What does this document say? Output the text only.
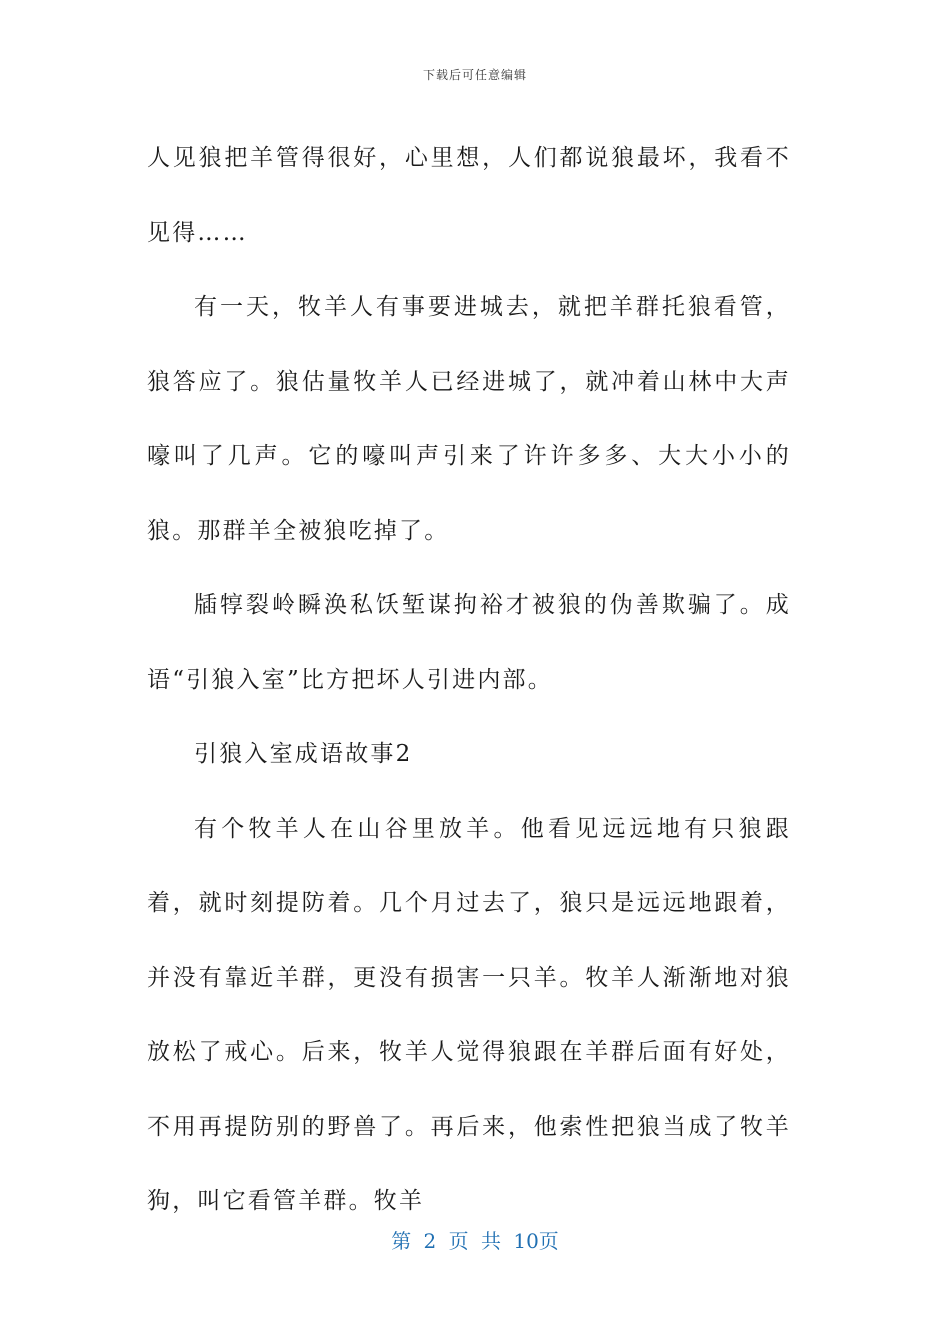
下载后可任意编辑

人见狼把羊管得很好，心里想，人们都说狼最坏，我看不见得……

有一天，牧羊人有事要进城去，就把羊群托狼看管，狼答应了。狼估量牧羊人已经进城了，就冲着山林中大声嚎叫了几声。它的嚎叫声引来了许许多多、大大小小的狼。那群羊全被狼吃掉了。

牐犉裂岭瞬涣私饫堑谋拘裕才被狼的伪善欺骗了。成语“引狼入室”比方把坏人引进内部。

引狼入室成语故事2

有个牧羊人在山谷里放羊。他看见远远地有只狼跟着，就时刻提防着。几个月过去了，狼只是远远地跟着，并没有靠近羊群，更没有损害一只羊。牧羊人渐渐地对狼放松了戒心。后来，牧羊人觉得狼跟在羊群后面有好处，不用再提防别的野兽了。再后来，他索性把狼当成了牧羊狗，叫它看管羊群。牧羊

第 2 页 共 10页
